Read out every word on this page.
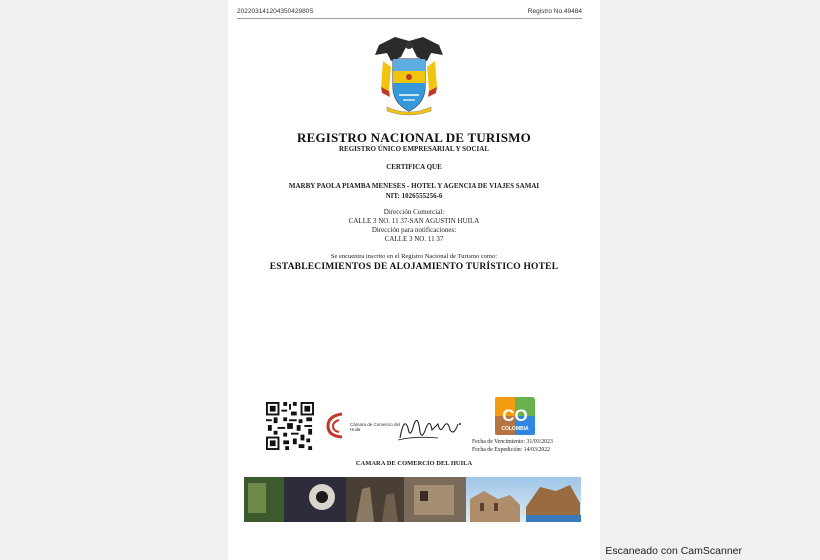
20220314120435042980S	Registro No.49484
REGISTRO NACIONAL DE TURISMO
REGISTRO ÚNICO EMPRESARIAL Y SOCIAL
CERTIFICA QUE
MARBY PAOLA PIAMBA MENESES - HOTEL Y AGENCIA DE VIAJES SAMAI
NIT: 1026555256-6
Dirección Comercial:
CALLE 3 NO. 11 37-SAN AGUSTIN HUILA
Dirección para notificaciones:
CALLE 3 NO. 11 37
Se encuentra inscrito en el Registro Nacional de Turismo como:
ESTABLECIMIENTOS DE ALOJAMIENTO TURÍSTICO HOTEL
Cámara de Comercio del Huila
CO
COLOMBIA
Fecha de Vencimiento: 31/03/2023
Fecha de Expedición: 14/03/2022
CAMARA DE COMERCIO DEL HUILA
Escaneado con CamScanner
